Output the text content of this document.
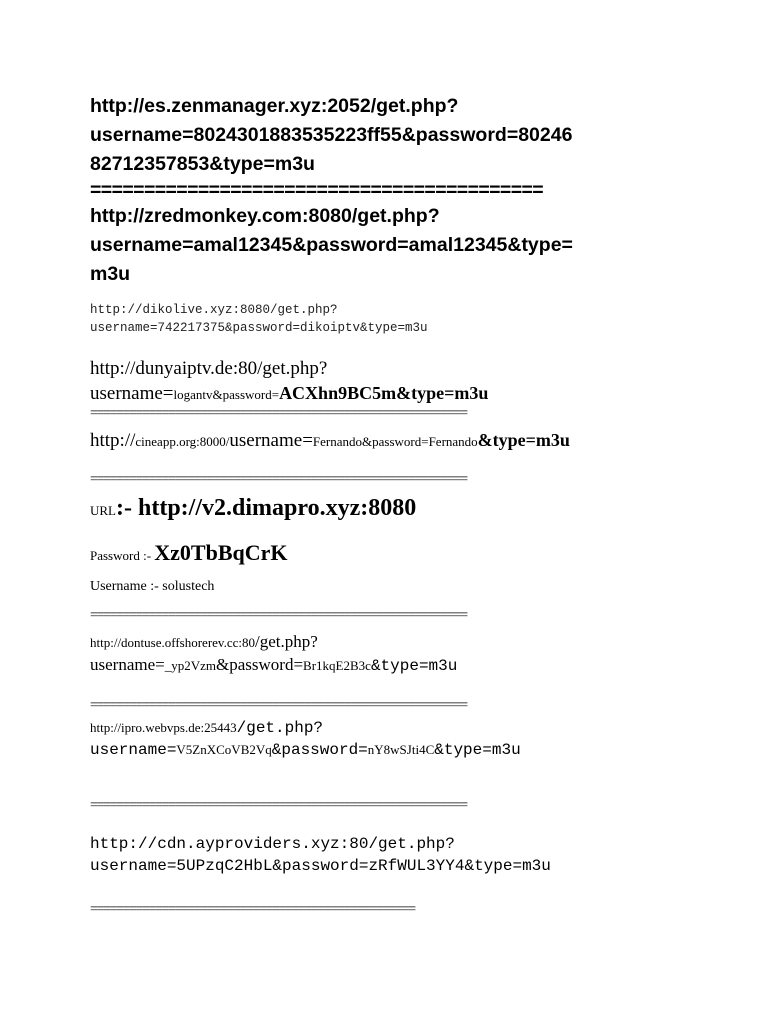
http://es.zenmanager.xyz:2052/get.php?
username=8024301883535223ff55&password=80246
82712357853&type=m3u
==========================================
http://zredmonkey.com:8080/get.php?
username=amal12345&password=amal12345&type=
m3u
http://dikolive.xyz:8080/get.php?
username=742217375&password=dikoiptv&type=m3u
http://dunyaiptv.de:80/get.php?
username=logantv&password=ACXhn9BC5m&type=m3u
==========================================================
http://cineapp.org:8000/username=Fernando&password=Fernando&type=m3u
==========================================================
URL:- http://v2.dimapro.xyz:8080
Password :- Xz0TbBqCrK
Username :- solustech
==========================================================
http://dontuse.offshorerev.cc:80/get.php?
username=_yp2Vzm&password=Br1kqE2B3c&type=m3u
==========================================================
http://ipro.webvps.de:25443/get.php?
username=V5ZnXCoVB2Vq&password=nY8wSJti4C&type=m3u
==========================================================
http://cdn.ayproviders.xyz:80/get.php?
username=5UPzqC2HbL&password=zRfWUL3YY4&type=m3u
==================================================
